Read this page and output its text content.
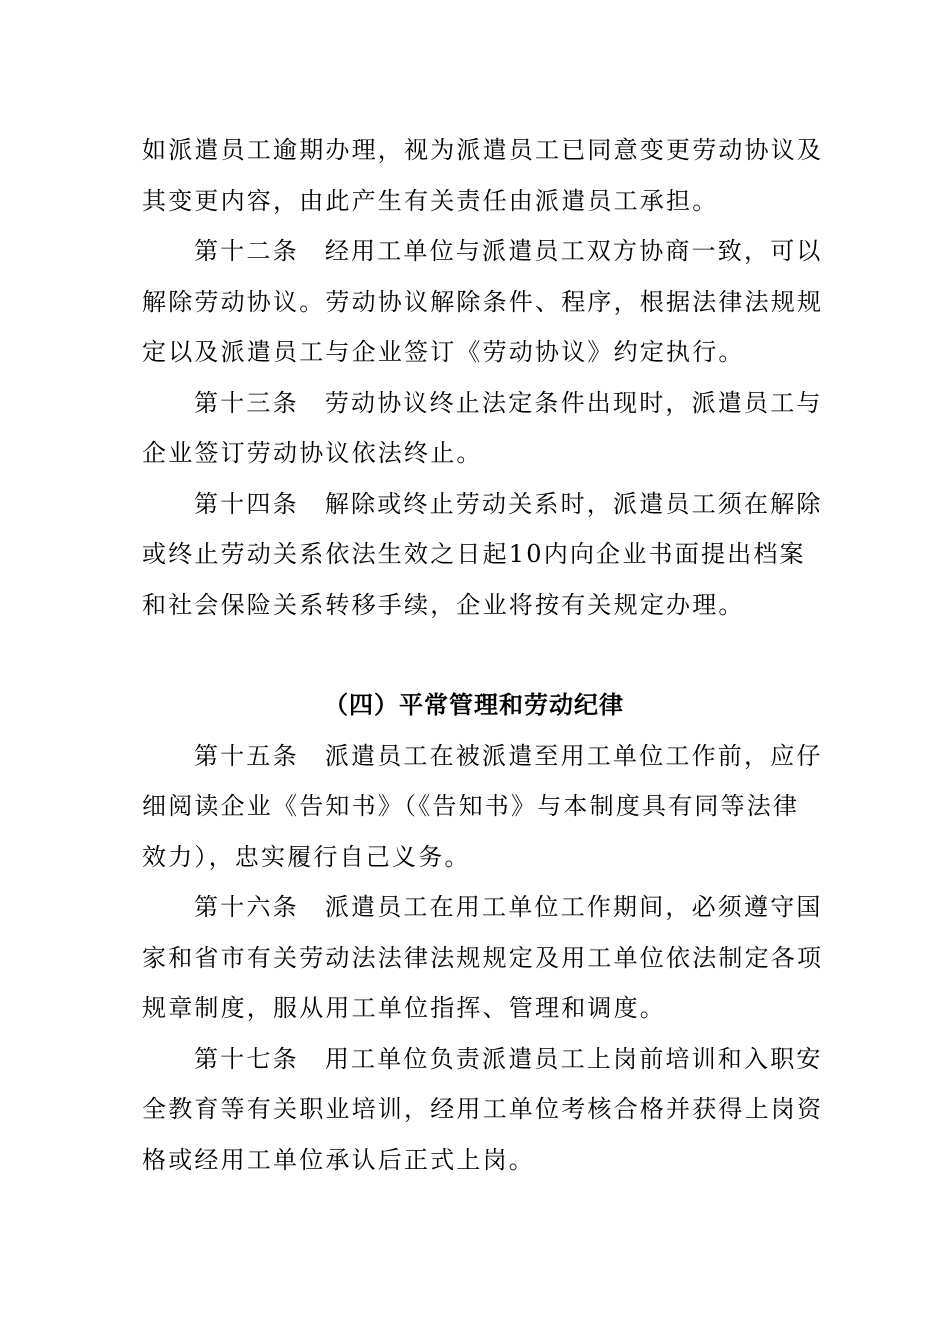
如派遣员工逾期办理，视为派遣员工已同意变更劳动协议及
其变更内容，由此产生有关责任由派遣员工承担。
第十二条 经用工单位与派遣员工双方协商一致，可以
解除劳动协议。劳动协议解除条件、程序，根据法律法规规
定以及派遣员工与企业签订《劳动协议》约定执行。
第十三条 劳动协议终止法定条件出现时，派遣员工与
企业签订劳动协议依法终止。
第十四条 解除或终止劳动关系时，派遣员工须在解除
或终止劳动关系依法生效之日起10内向企业书面提出档案
和社会保险关系转移手续，企业将按有关规定办理。
（四）平常管理和劳动纪律
第十五条 派遣员工在被派遣至用工单位工作前，应仔
细阅读企业《告知书》（《告知书》与本制度具有同等法律
效力），忠实履行自己义务。
第十六条 派遣员工在用工单位工作期间，必须遵守国
家和省市有关劳动法法律法规规定及用工单位依法制定各项
规章制度，服从用工单位指挥、管理和调度。
第十七条 用工单位负责派遣员工上岗前培训和入职安
全教育等有关职业培训，经用工单位考核合格并获得上岗资
格或经用工单位承认后正式上岗。
